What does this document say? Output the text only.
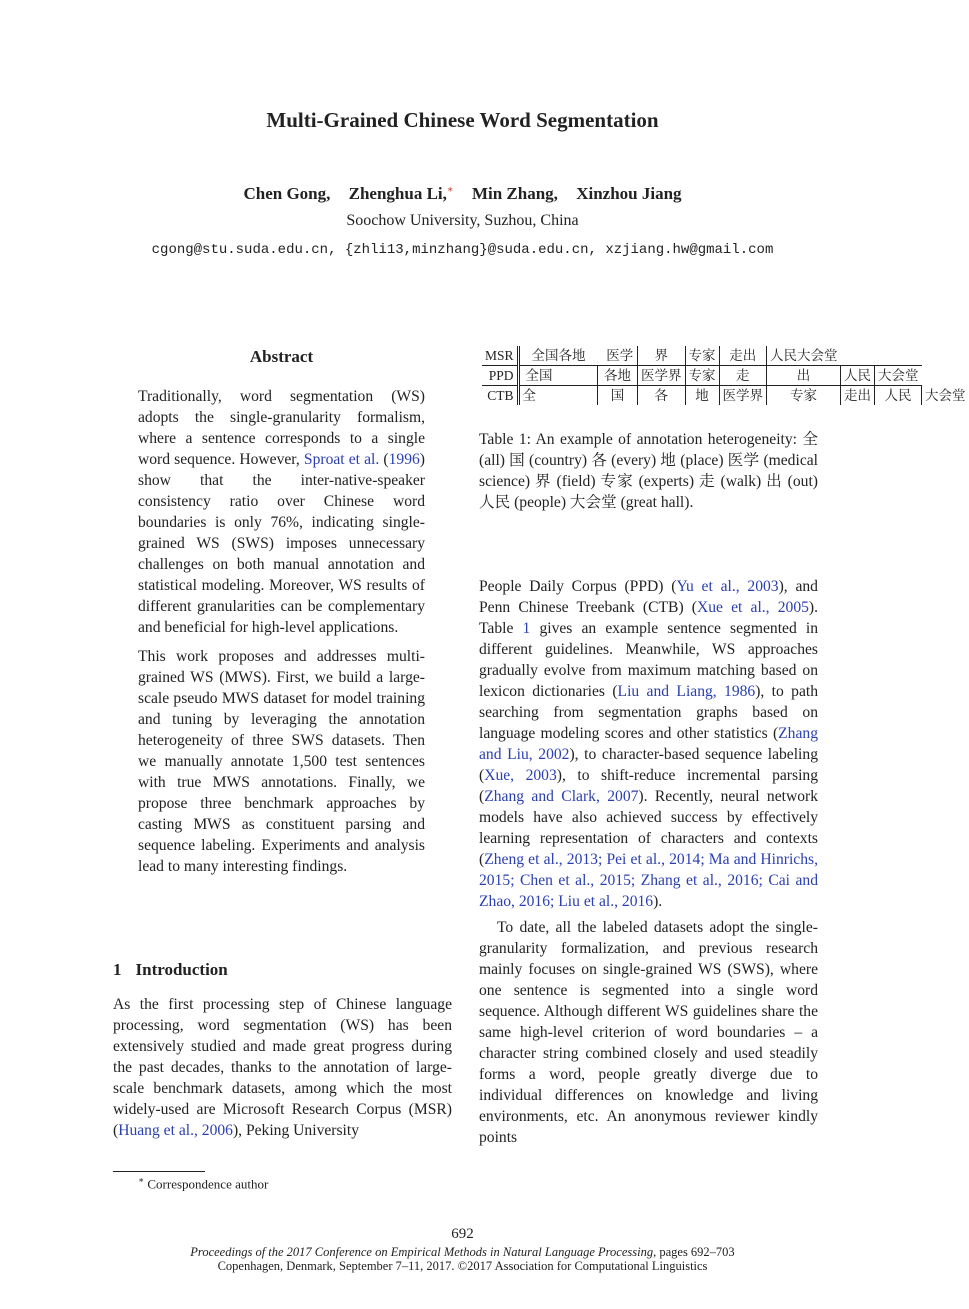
Multi-Grained Chinese Word Segmentation
Chen Gong, Zhenghua Li,∗ Min Zhang, Xinzhou Jiang
Soochow University, Suzhou, China
cgong@stu.suda.edu.cn, {zhli13,minzhang}@suda.edu.cn, xzjiang.hw@gmail.com
Abstract

Traditionally, word segmentation (WS) adopts the single-granularity formalism, where a sentence corresponds to a single word sequence. However, Sproat et al. (1996) show that the inter-native-speaker consistency ratio over Chinese word boundaries is only 76%, indicating single-grained WS (SWS) imposes unnecessary challenges on both manual annotation and statistical modeling. Moreover, WS results of different granularities can be complementary and beneficial for high-level applications.

This work proposes and addresses multi-grained WS (MWS). First, we build a large-scale pseudo MWS dataset for model training and tuning by leveraging the annotation heterogeneity of three SWS datasets. Then we manually annotate 1,500 test sentences with true MWS annotations. Finally, we propose three benchmark approaches by casting MWS as constituent parsing and sequence labeling. Experiments and analysis lead to many interesting findings.

1 Introduction

As the first processing step of Chinese language processing, word segmentation (WS) has been extensively studied and made great progress during the past decades, thanks to the annotation of large-scale benchmark datasets, among which the most widely-used are Microsoft Research Corpus (MSR) (Huang et al., 2006), Peking University

∗ Correspondence author
MSR	全国各地	医学	界	专家	走出	人民大会堂			
PPD	全国	各地	医学界	专家	走	出	人民	大会堂	
CTB	全	国	各	地	医学界	专家	走出	人民	大会堂

Table 1: An example of annotation heterogeneity: 全 (all) 国 (country) 各 (every) 地 (place) 医学 (medical science) 界 (field) 专家 (experts) 走 (walk) 出 (out) 人民 (people) 大会堂 (great hall).

People Daily Corpus (PPD) (Yu et al., 2003), and Penn Chinese Treebank (CTB) (Xue et al., 2005). Table 1 gives an example sentence segmented in different guidelines. Meanwhile, WS approaches gradually evolve from maximum matching based on lexicon dictionaries (Liu and Liang, 1986), to path searching from segmentation graphs based on language modeling scores and other statistics (Zhang and Liu, 2002), to character-based sequence labeling (Xue, 2003), to shift-reduce incremental parsing (Zhang and Clark, 2007). Recently, neural network models have also achieved success by effectively learning representation of characters and contexts (Zheng et al., 2013; Pei et al., 2014; Ma and Hinrichs, 2015; Chen et al., 2015; Zhang et al., 2016; Cai and Zhao, 2016; Liu et al., 2016).

To date, all the labeled datasets adopt the single-granularity formalization, and previous research mainly focuses on single-grained WS (SWS), where one sentence is segmented into a single word sequence. Although different WS guidelines share the same high-level criterion of word boundaries – a character string combined closely and used steadily forms a word, people greatly diverge due to individual differences on knowledge and living environments, etc. An anonymous reviewer kindly points

692
Proceedings of the 2017 Conference on Empirical Methods in Natural Language Processing, pages 692–703
Copenhagen, Denmark, September 7–11, 2017. ©2017 Association for Computational Linguistics
